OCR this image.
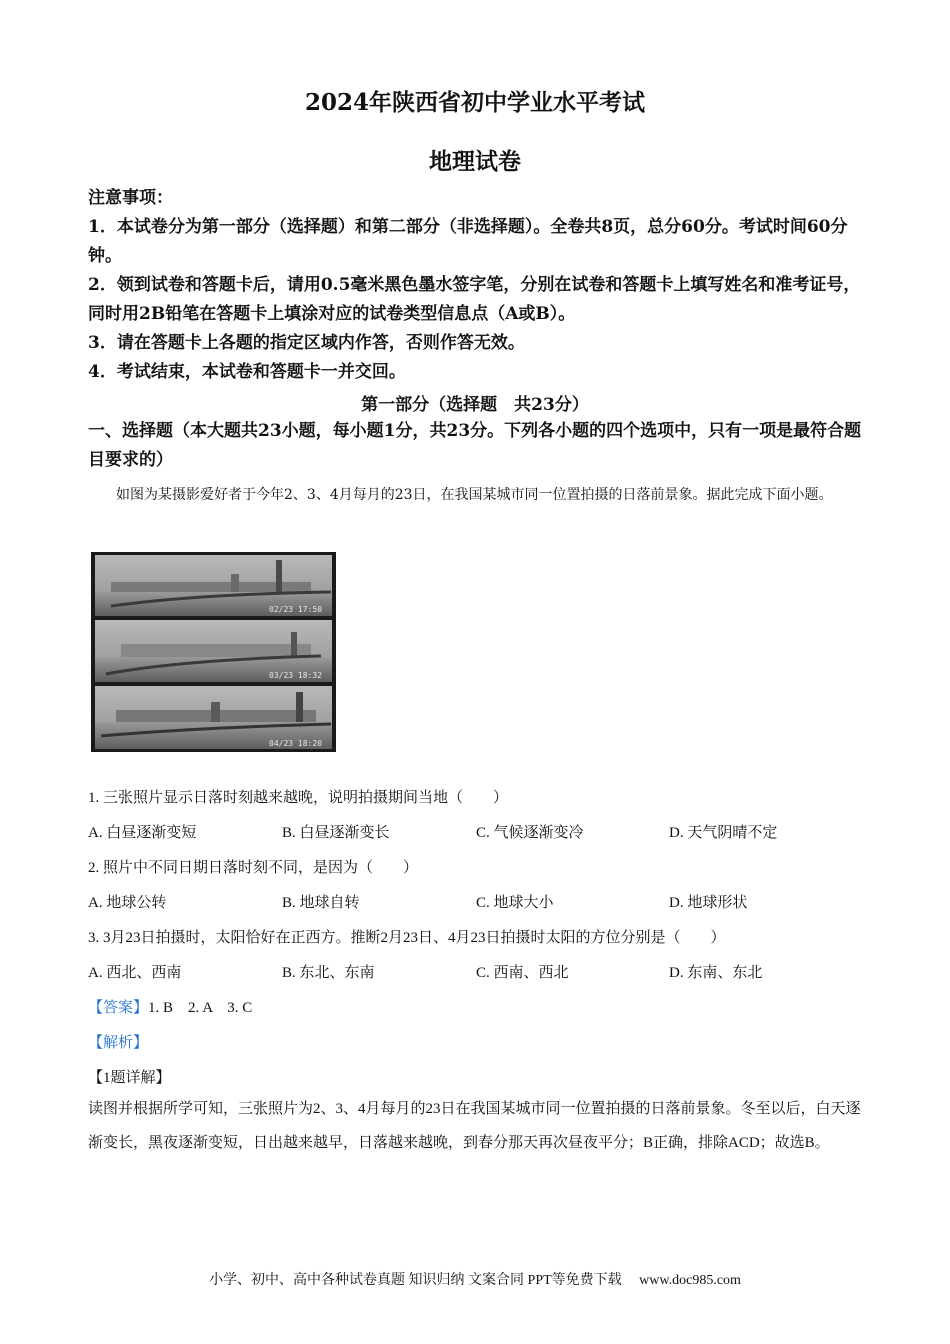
2024年陕西省初中学业水平考试
地理试卷
注意事项：
1．本试卷分为第一部分（选择题）和第二部分（非选择题）。全卷共8页，总分60分。考试时间60分钟。
2．领到试卷和答题卡后，请用0.5毫米黑色墨水签字笔，分别在试卷和答题卡上填写姓名和准考证号，同时用2B铅笔在答题卡上填涂对应的试卷类型信息点（A或B）。
3．请在答题卡上各题的指定区域内作答，否则作答无效。
4．考试结束，本试卷和答题卡一并交回。
第一部分（选择题　共23分）
一、选择题（本大题共23小题，每小题1分，共23分。下列各小题的四个选项中，只有一项是最符合题目要求的）
如图为某摄影爱好者于今年2、3、4月每月的23日，在我国某城市同一位置拍摄的日落前景象。据此完成下面小题。
02/23 17:50
03/23 18:32
04/23 18:20
1. 三张照片显示日落时刻越来越晚，说明拍摄期间当地（　　）
A. 白昼逐渐变短	B. 白昼逐渐变长	C. 气候逐渐变冷	D. 天气阴晴不定
2. 照片中不同日期日落时刻不同，是因为（　　）
A. 地球公转	B. 地球自转	C. 地球大小	D. 地球形状
3. 3月23日拍摄时，太阳恰好在正西方。推断2月23日、4月23日拍摄时太阳的方位分别是（　　）
A. 西北、西南	B. 东北、东南	C. 西南、西北	D. 东南、东北
【答案】1. B　2. A　3. C
【解析】
【1题详解】
读图并根据所学可知，三张照片为2、3、4月每月的23日在我国某城市同一位置拍摄的日落前景象。冬至以后，白天逐渐变长，黑夜逐渐变短，日出越来越早，日落越来越晚，到春分那天再次昼夜平分；B正确，排除ACD；故选B。
小学、初中、高中各种试卷真题 知识归纳 文案合同 PPT等免费下载　 www.doc985.com
